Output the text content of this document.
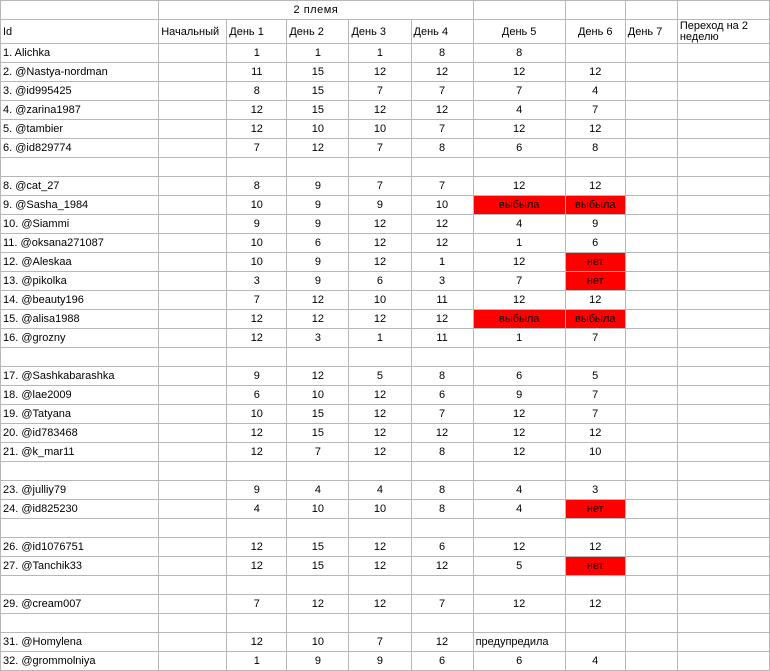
	2 племя								
Id	Начальный	День 1	День 2	День 3	День 4	День 5	День 6	День 7	Переход на 2 неделю
1. Alichka		1	1	1	8	8			
2. @Nastya-nordman		11	15	12	12	12	12		
3. @id995425		8	15	7	7	7	4		
4. @zarina1987		12	15	12	12	4	7		
5. @tambier		12	10	10	7	12	12		
6. @id829774		7	12	7	8	6	8		

8. @cat_27		8	9	7	7	12	12		
9. @Sasha_1984		10	9	9	10	выбыла	выбыла		
10. @Siammi		9	9	12	12	4	9		
11. @oksana271087		10	6	12	12	1	6		
12. @Aleskaa		10	9	12	1	12	нет		
13. @pikolka		3	9	6	3	7	нет		
14. @beauty196		7	12	10	11	12	12		
15. @alisa1988		12	12	12	12	выбыла	выбыла		
16. @grozny		12	3	1	11	1	7		

17. @Sashkabarashka		9	12	5	8	6	5		
18. @lae2009		6	10	12	6	9	7		
19. @Tatyana		10	15	12	7	12	7		
20. @id783468		12	15	12	12	12	12		
21. @k_mar11		12	7	12	8	12	10		

23. @julliy79		9	4	4	8	4	3		
24. @id825230		4	10	10	8	4	нет		

26. @id1076751		12	15	12	6	12	12		
27. @Tanchik33		12	15	12	12	5	нет		

29. @cream007		7	12	12	7	12	12		

31. @Homylena		12	10	7	12	предупредила			
32. @grommolniya		1	9	9	6	6	4		
